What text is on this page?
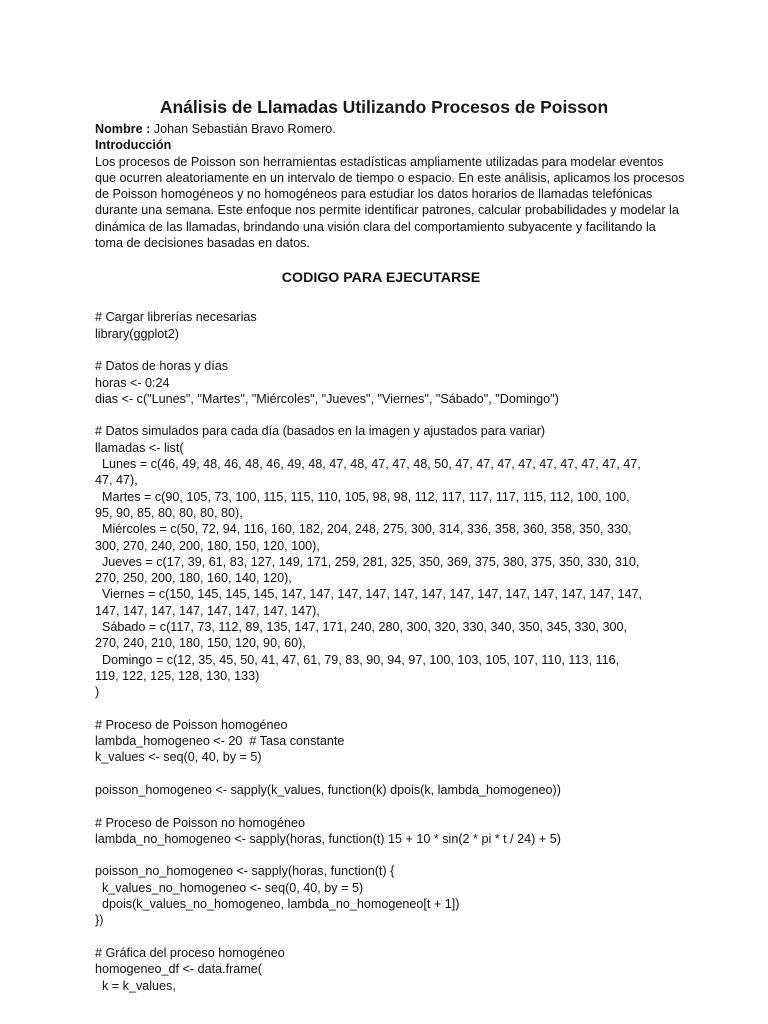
Análisis de Llamadas Utilizando Procesos de Poisson

Nombre : Johan Sebastián Bravo Romero.

Introducción

Los procesos de Poisson son herramientas estadísticas ampliamente utilizadas para modelar eventos que ocurren aleatoriamente en un intervalo de tiempo o espacio. En este análisis, aplicamos los procesos de Poisson homogéneos y no homogéneos para estudiar los datos horarios de llamadas telefónicas durante una semana. Este enfoque nos permite identificar patrones, calcular probabilidades y modelar la dinámica de las llamadas, brindando una visión clara del comportamiento subyacente y facilitando la toma de decisiones basadas en datos.

CODIGO PARA EJECUTARSE

# Cargar librerías necesarias
library(ggplot2)

# Datos de horas y días
horas <- 0:24
dias <- c("Lunes", "Martes", "Miércoles", "Jueves", "Viernes", "Sábado", "Domingo")

# Datos simulados para cada día (basados en la imagen y ajustados para variar)
llamadas <- list(
Lunes = c(46, 49, 48, 46, 48, 46, 49, 48, 47, 48, 47, 47, 48, 50, 47, 47, 47, 47, 47, 47, 47, 47, 47,
47, 47),
Martes = c(90, 105, 73, 100, 115, 115, 110, 105, 98, 98, 112, 117, 117, 117, 115, 112, 100, 100,
95, 90, 85, 80, 80, 80, 80),
Miércoles = c(50, 72, 94, 116, 160, 182, 204, 248, 275, 300, 314, 336, 358, 360, 358, 350, 330,
300, 270, 240, 200, 180, 150, 120, 100),
Jueves = c(17, 39, 61, 83, 127, 149, 171, 259, 281, 325, 350, 369, 375, 380, 375, 350, 330, 310,
270, 250, 200, 180, 160, 140, 120),
Viernes = c(150, 145, 145, 145, 147, 147, 147, 147, 147, 147, 147, 147, 147, 147, 147, 147, 147,
147, 147, 147, 147, 147, 147, 147, 147),
Sábado = c(117, 73, 112, 89, 135, 147, 171, 240, 280, 300, 320, 330, 340, 350, 345, 330, 300,
270, 240, 210, 180, 150, 120, 90, 60),
Domingo = c(12, 35, 45, 50, 41, 47, 61, 79, 83, 90, 94, 97, 100, 103, 105, 107, 110, 113, 116,
119, 122, 125, 128, 130, 133)
)

# Proceso de Poisson homogéneo
lambda_homogeneo <- 20  # Tasa constante
k_values <- seq(0, 40, by = 5)

poisson_homogeneo <- sapply(k_values, function(k) dpois(k, lambda_homogeneo))

# Proceso de Poisson no homogéneo
lambda_no_homogeneo <- sapply(horas, function(t) 15 + 10 * sin(2 * pi * t / 24) + 5)

poisson_no_homogeneo <- sapply(horas, function(t) {
k_values_no_homogeneo <- seq(0, 40, by = 5)
dpois(k_values_no_homogeneo, lambda_no_homogeneo[t + 1])
})

# Gráfica del proceso homogéneo
homogeneo_df <- data.frame(
k = k_values,
